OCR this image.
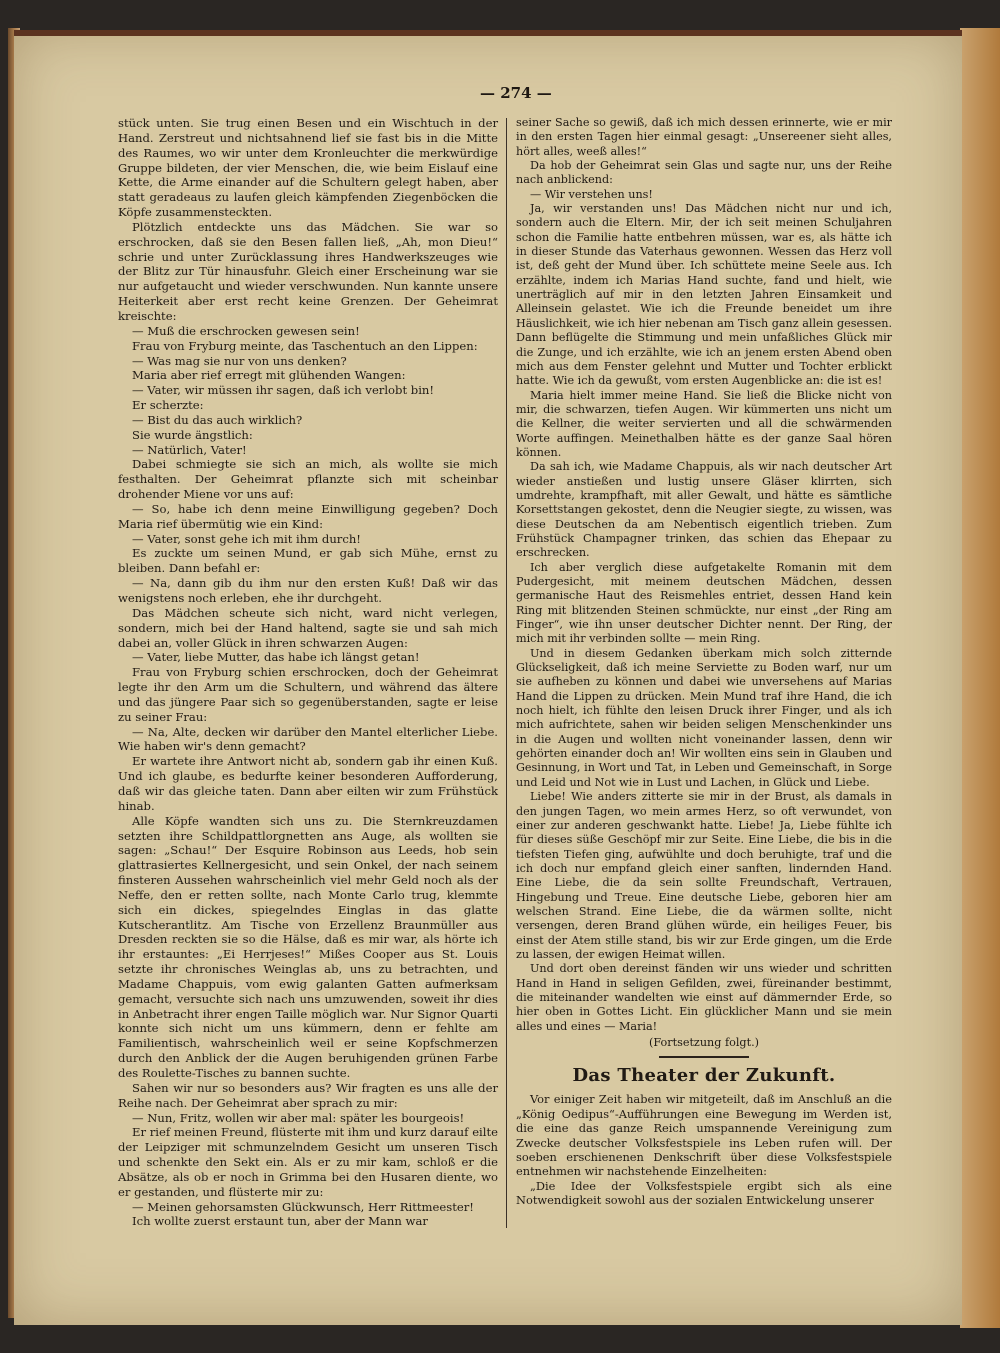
— 274 —

stück unten. Sie trug einen Besen und ein Wischtuch in der Hand. Zerstreut und nichtsahnend lief sie fast bis in die Mitte des Raumes, wo wir unter dem Kronleuchter die merkwürdige Gruppe bildeten, der vier Menschen, die, wie beim Eislauf eine Kette, die Arme einander auf die Schultern gelegt haben, aber statt geradeaus zu laufen gleich kämpfenden Ziegenböcken die Köpfe zusammensteckten.

Plötzlich entdeckte uns das Mädchen. Sie war so erschrocken, daß sie den Besen fallen ließ, „Ah, mon Dieu!“ schrie und unter Zurücklassung ihres Handwerkszeuges wie der Blitz zur Tür hinausfuhr. Gleich einer Erscheinung war sie nur aufgetaucht und wieder verschwunden. Nun kannte unsere Heiterkeit aber erst recht keine Grenzen. Der Geheimrat kreischte:

— Muß die erschrocken gewesen sein!

Frau von Fryburg meinte, das Taschentuch an den Lippen:

— Was mag sie nur von uns denken?

Maria aber rief erregt mit glühenden Wangen:

— Vater, wir müssen ihr sagen, daß ich verlobt bin!

Er scherzte:

— Bist du das auch wirklich?

Sie wurde ängstlich:

— Natürlich, Vater!

Dabei schmiegte sie sich an mich, als wollte sie mich festhalten. Der Geheimrat pflanzte sich mit scheinbar drohender Miene vor uns auf:

— So, habe ich denn meine Einwilligung gegeben? Doch Maria rief übermütig wie ein Kind:

— Vater, sonst gehe ich mit ihm durch!

Es zuckte um seinen Mund, er gab sich Mühe, ernst zu bleiben. Dann befahl er:

— Na, dann gib du ihm nur den ersten Kuß! Daß wir das wenigstens noch erleben, ehe ihr durchgeht.

Das Mädchen scheute sich nicht, ward nicht verlegen, sondern, mich bei der Hand haltend, sagte sie und sah mich dabei an, voller Glück in ihren schwarzen Augen:

— Vater, liebe Mutter, das habe ich längst getan!

Frau von Fryburg schien erschrocken, doch der Geheimrat legte ihr den Arm um die Schultern, und während das ältere und das jüngere Paar sich so gegenüberstanden, sagte er leise zu seiner Frau:

— Na, Alte, decken wir darüber den Mantel elterlicher Liebe. Wie haben wir's denn gemacht?

Er wartete ihre Antwort nicht ab, sondern gab ihr einen Kuß. Und ich glaube, es bedurfte keiner besonderen Aufforderung, daß wir das gleiche taten. Dann aber eilten wir zum Frühstück hinab.

Alle Köpfe wandten sich uns zu. Die Sternkreuzdamen setzten ihre Schildpattlorgnetten ans Auge, als wollten sie sagen: „Schau!“ Der Esquire Robinson aus Leeds, hob sein glattrasiertes Kellnergesicht, und sein Onkel, der nach seinem finsteren Aussehen wahrscheinlich viel mehr Geld noch als der Neffe, den er retten sollte, nach Monte Carlo trug, klemmte sich ein dickes, spiegelndes Einglas in das glatte Kutscherantlitz. Am Tische von Erzellenz Braunmüller aus Dresden reckten sie so die Hälse, daß es mir war, als hörte ich ihr erstauntes: „Ei Herrjeses!“ Mißes Cooper aus St. Louis setzte ihr chronisches Weinglas ab, uns zu betrachten, und Madame Chappuis, vom ewig galanten Gatten aufmerksam gemacht, versuchte sich nach uns umzuwenden, soweit ihr dies in Anbetracht ihrer engen Taille möglich war. Nur Signor Quarti konnte sich nicht um uns kümmern, denn er fehlte am Familientisch, wahrscheinlich weil er seine Kopfschmerzen durch den Anblick der die Augen beruhigenden grünen Farbe des Roulette-Tisches zu bannen suchte.

Sahen wir nur so besonders aus? Wir fragten es uns alle der Reihe nach. Der Geheimrat aber sprach zu mir:

— Nun, Fritz, wollen wir aber mal: später les bourgeois!

Er rief meinen Freund, flüsterte mit ihm und kurz darauf eilte der Leipziger mit schmunzelndem Gesicht um unseren Tisch und schenkte den Sekt ein. Als er zu mir kam, schloß er die Absätze, als ob er noch in Grimma bei den Husaren diente, wo er gestanden, und flüsterte mir zu:

— Meinen gehorsamsten Glückwunsch, Herr Rittmeester!

Ich wollte zuerst erstaunt tun, aber der Mann war

seiner Sache so gewiß, daß ich mich dessen erinnerte, wie er mir in den ersten Tagen hier einmal gesagt: „Unsereener sieht alles, hört alles, weeß alles!“

Da hob der Geheimrat sein Glas und sagte nur, uns der Reihe nach anblickend:

— Wir verstehen uns!

Ja, wir verstanden uns! Das Mädchen nicht nur und ich, sondern auch die Eltern. Mir, der ich seit meinen Schuljahren schon die Familie hatte entbehren müssen, war es, als hätte ich in dieser Stunde das Vaterhaus gewonnen. Wessen das Herz voll ist, deß geht der Mund über. Ich schüttete meine Seele aus. Ich erzählte, indem ich Marias Hand suchte, fand und hielt, wie unerträglich auf mir in den letzten Jahren Einsamkeit und Alleinsein gelastet. Wie ich die Freunde beneidet um ihre Häuslichkeit, wie ich hier nebenan am Tisch ganz allein gesessen. Dann beflügelte die Stimmung und mein unfaßliches Glück mir die Zunge, und ich erzählte, wie ich an jenem ersten Abend oben mich aus dem Fenster gelehnt und Mutter und Tochter erblickt hatte. Wie ich da gewußt, vom ersten Augenblicke an: die ist es!

Maria hielt immer meine Hand. Sie ließ die Blicke nicht von mir, die schwarzen, tiefen Augen. Wir kümmerten uns nicht um die Kellner, die weiter servierten und all die schwärmenden Worte auffingen. Meinethalben hätte es der ganze Saal hören können.

Da sah ich, wie Madame Chappuis, als wir nach deutscher Art wieder anstießen und lustig unsere Gläser klirrten, sich umdrehte, krampfhaft, mit aller Gewalt, und hätte es sämtliche Korsettstangen gekostet, denn die Neugier siegte, zu wissen, was diese Deutschen da am Nebentisch eigentlich trieben. Zum Frühstück Champagner trinken, das schien das Ehepaar zu erschrecken.

Ich aber verglich diese aufgetakelte Romanin mit dem Pudergesicht, mit meinem deutschen Mädchen, dessen germanische Haut des Reismehles entriet, dessen Hand kein Ring mit blitzenden Steinen schmückte, nur einst „der Ring am Finger“, wie ihn unser deutscher Dichter nennt. Der Ring, der mich mit ihr verbinden sollte — mein Ring.

Und in diesem Gedanken überkam mich solch zitternde Glückseligkeit, daß ich meine Serviette zu Boden warf, nur um sie aufheben zu können und dabei wie unversehens auf Marias Hand die Lippen zu drücken. Mein Mund traf ihre Hand, die ich noch hielt, ich fühlte den leisen Druck ihrer Finger, und als ich mich aufrichtete, sahen wir beiden seligen Menschenkinder uns in die Augen und wollten nicht voneinander lassen, denn wir gehörten einander doch an! Wir wollten eins sein in Glauben und Gesinnung, in Wort und Tat, in Leben und Gemeinschaft, in Sorge und Leid und Not wie in Lust und Lachen, in Glück und Liebe.

Liebe! Wie anders zitterte sie mir in der Brust, als damals in den jungen Tagen, wo mein armes Herz, so oft verwundet, von einer zur anderen geschwankt hatte. Liebe! Ja, Liebe fühlte ich für dieses süße Geschöpf mir zur Seite. Eine Liebe, die bis in die tiefsten Tiefen ging, aufwühlte und doch beruhigte, traf und die ich doch nur empfand gleich einer sanften, lindernden Hand. Eine Liebe, die da sein sollte Freundschaft, Vertrauen, Hingebung und Treue. Eine deutsche Liebe, geboren hier am welschen Strand. Eine Liebe, die da wärmen sollte, nicht versengen, deren Brand glühen würde, ein heiliges Feuer, bis einst der Atem stille stand, bis wir zur Erde gingen, um die Erde zu lassen, der ewigen Heimat willen.

Und dort oben dereinst fänden wir uns wieder und schritten Hand in Hand in seligen Gefilden, zwei, füreinander bestimmt, die miteinander wandelten wie einst auf dämmernder Erde, so hier oben in Gottes Licht. Ein glücklicher Mann und sie mein alles und eines — Maria!

(Fortsetzung folgt.)

Das Theater der Zukunft.

Vor einiger Zeit haben wir mitgeteilt, daß im Anschluß an die „König Oedipus“-Aufführungen eine Bewegung im Werden ist, die eine das ganze Reich umspannende Vereinigung zum Zwecke deutscher Volksfestspiele ins Leben rufen will. Der soeben erschienenen Denkschrift über diese Volksfestspiele entnehmen wir nachstehende Einzelheiten:

„Die Idee der Volksfestspiele ergibt sich als eine Notwendigkeit sowohl aus der sozialen Entwickelung unserer
